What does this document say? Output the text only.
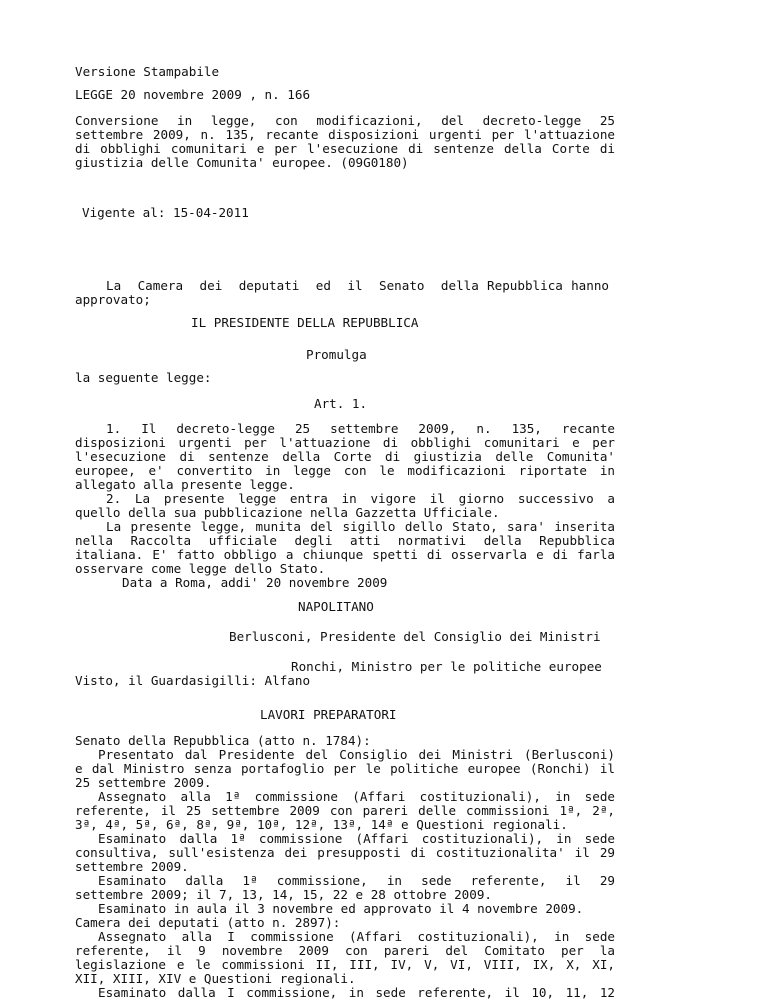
Versione Stampabile
LEGGE 20 novembre 2009 , n. 166
Conversione in legge, con modificazioni, del decreto-legge 25
settembre 2009, n. 135, recante disposizioni urgenti per l'attuazione
di obblighi comunitari e per l'esecuzione di sentenze della Corte di
giustizia delle Comunita' europee. (09G0180)
Vigente al: 15-04-2011
La  Camera  dei  deputati  ed  il  Senato  della Repubblica hanno
approvato;
IL PRESIDENTE DELLA REPUBBLICA
Promulga
la seguente legge:
Art. 1.
1. Il decreto-legge 25 settembre 2009, n. 135, recante
disposizioni urgenti per l'attuazione di obblighi comunitari e per
l'esecuzione di sentenze della Corte di giustizia delle Comunita'
europee, e' convertito in legge con le modificazioni riportate in
allegato alla presente legge.
2. La presente legge entra in vigore il giorno successivo a
quello della sua pubblicazione nella Gazzetta Ufficiale.
La presente legge, munita del sigillo dello Stato, sara' inserita
nella Raccolta ufficiale degli atti normativi della Repubblica
italiana. E' fatto obbligo a chiunque spetti di osservarla e di farla
osservare come legge dello Stato.
Data a Roma, addi' 20 novembre 2009
NAPOLITANO
Berlusconi, Presidente del Consiglio dei Ministri
Ronchi, Ministro per le politiche europee
Visto, il Guardasigilli: Alfano
LAVORI PREPARATORI
Senato della Repubblica (atto n. 1784):
Presentato dal Presidente del Consiglio dei Ministri (Berlusconi)
e dal Ministro senza portafoglio per le politiche europee (Ronchi) il
25 settembre 2009.
Assegnato alla 1ª commissione (Affari costituzionali), in sede
referente, il 25 settembre 2009 con pareri delle commissioni 1ª, 2ª,
3ª, 4ª, 5ª, 6ª, 8ª, 9ª, 10ª, 12ª, 13ª, 14ª e Questioni regionali.
Esaminato dalla 1ª commissione (Affari costituzionali), in sede
consultiva, sull'esistenza dei presupposti di costituzionalita' il 29
settembre 2009.
Esaminato dalla 1ª commissione, in sede referente, il 29
settembre 2009; il 7, 13, 14, 15, 22 e 28 ottobre 2009.
Esaminato in aula il 3 novembre ed approvato il 4 novembre 2009.
Camera dei deputati (atto n. 2897):
Assegnato alla I commissione (Affari costituzionali), in sede
referente, il 9 novembre 2009 con pareri del Comitato per la
legislazione e le commissioni II, III, IV, V, VI, VIII, IX, X, XI,
XII, XIII, XIV e Questioni regionali.
Esaminato dalla I commissione, in sede referente, il 10, 11, 12
